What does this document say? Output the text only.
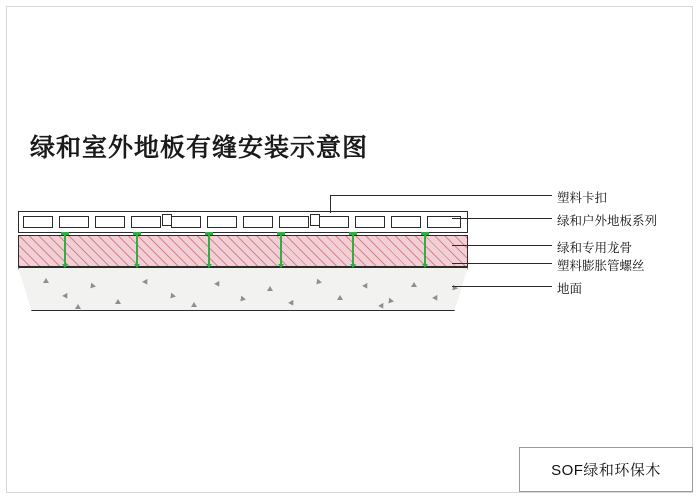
绿和室外地板有缝安装示意图
塑料卡扣
绿和户外地板系列
绿和专用龙骨
塑料膨胀管螺丝
地面
SOF绿和环保木
